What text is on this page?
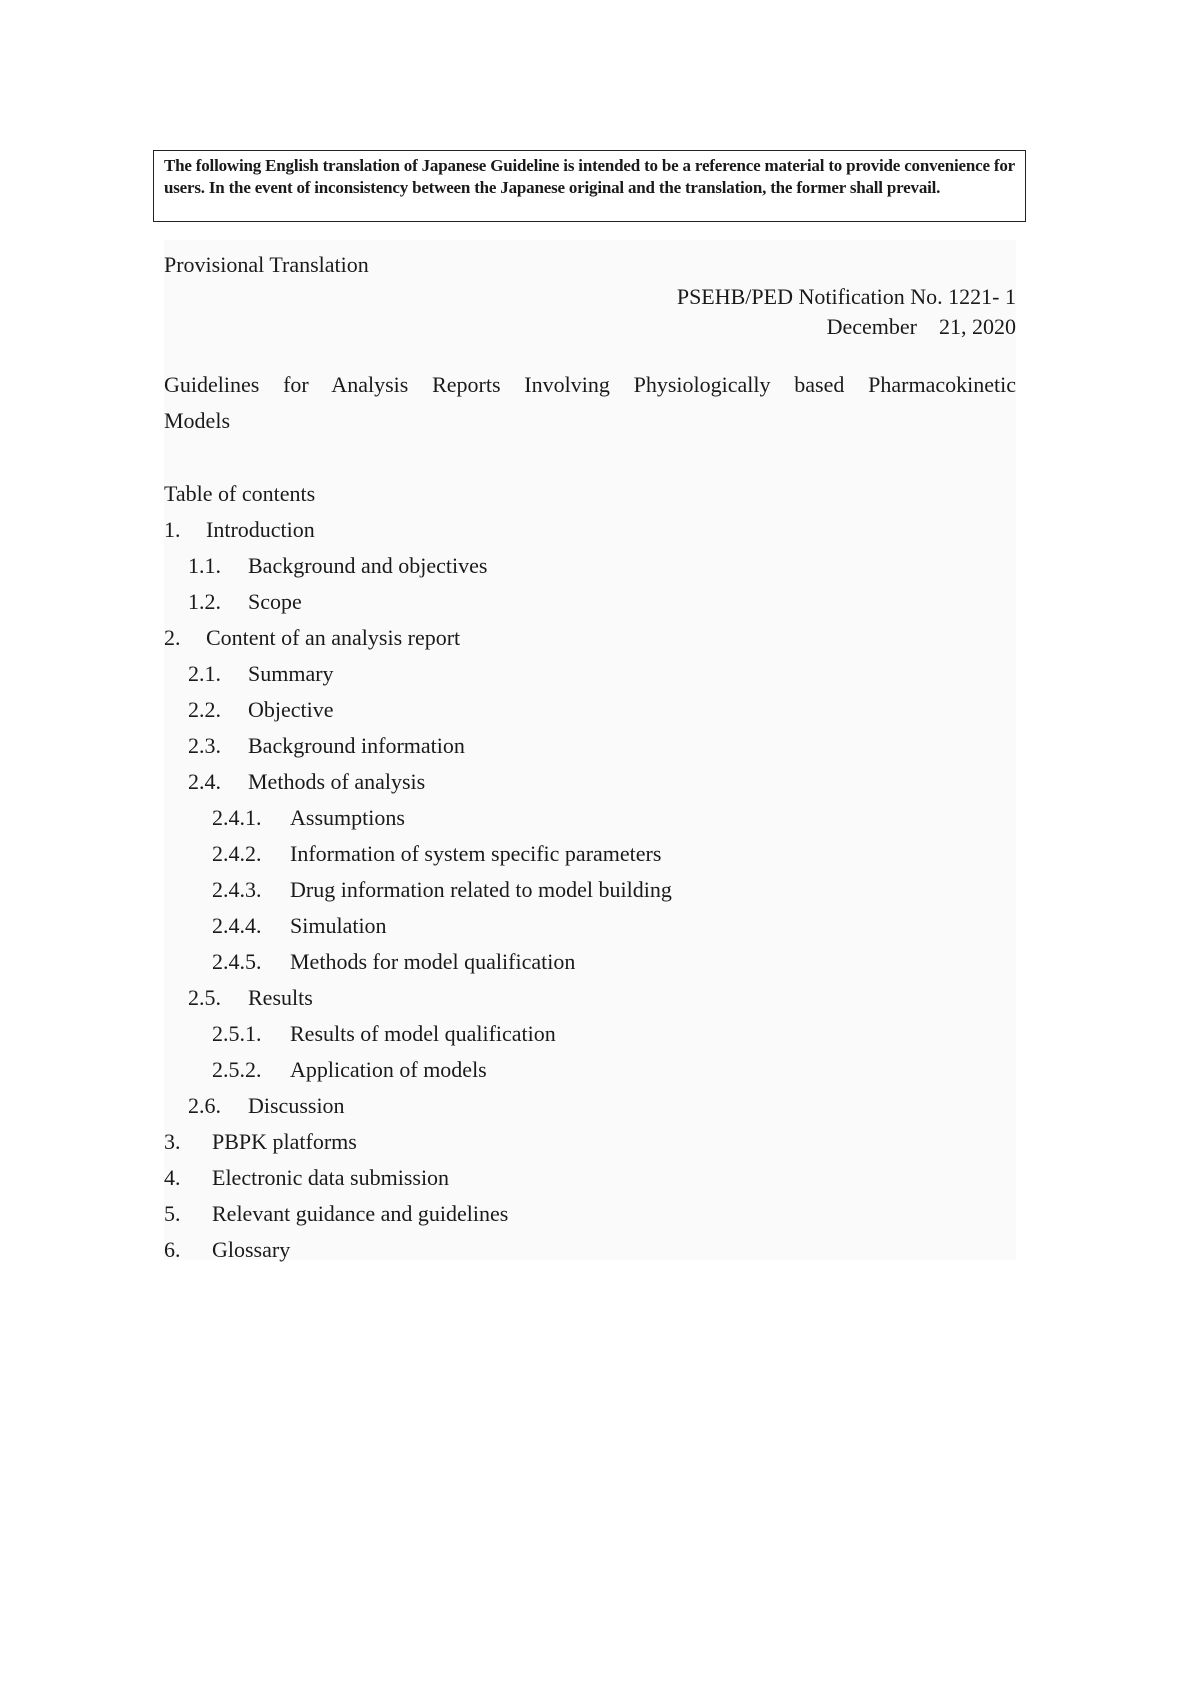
The following English translation of Japanese Guideline is intended to be a reference material to provide convenience for users. In the event of inconsistency between the Japanese original and the translation, the former shall prevail.
Provisional Translation
PSEHB/PED Notification No. 1221- 1
December    21, 2020
Guidelines for Analysis Reports Involving Physiologically based Pharmacokinetic Models
Table of contents
1. Introduction
1.1. Background and objectives
1.2. Scope
2. Content of an analysis report
2.1. Summary
2.2. Objective
2.3. Background information
2.4. Methods of analysis
2.4.1. Assumptions
2.4.2. Information of system specific parameters
2.4.3. Drug information related to model building
2.4.4. Simulation
2.4.5. Methods for model qualification
2.5. Results
2.5.1. Results of model qualification
2.5.2. Application of models
2.6. Discussion
3. PBPK platforms
4. Electronic data submission
5. Relevant guidance and guidelines
6. Glossary
